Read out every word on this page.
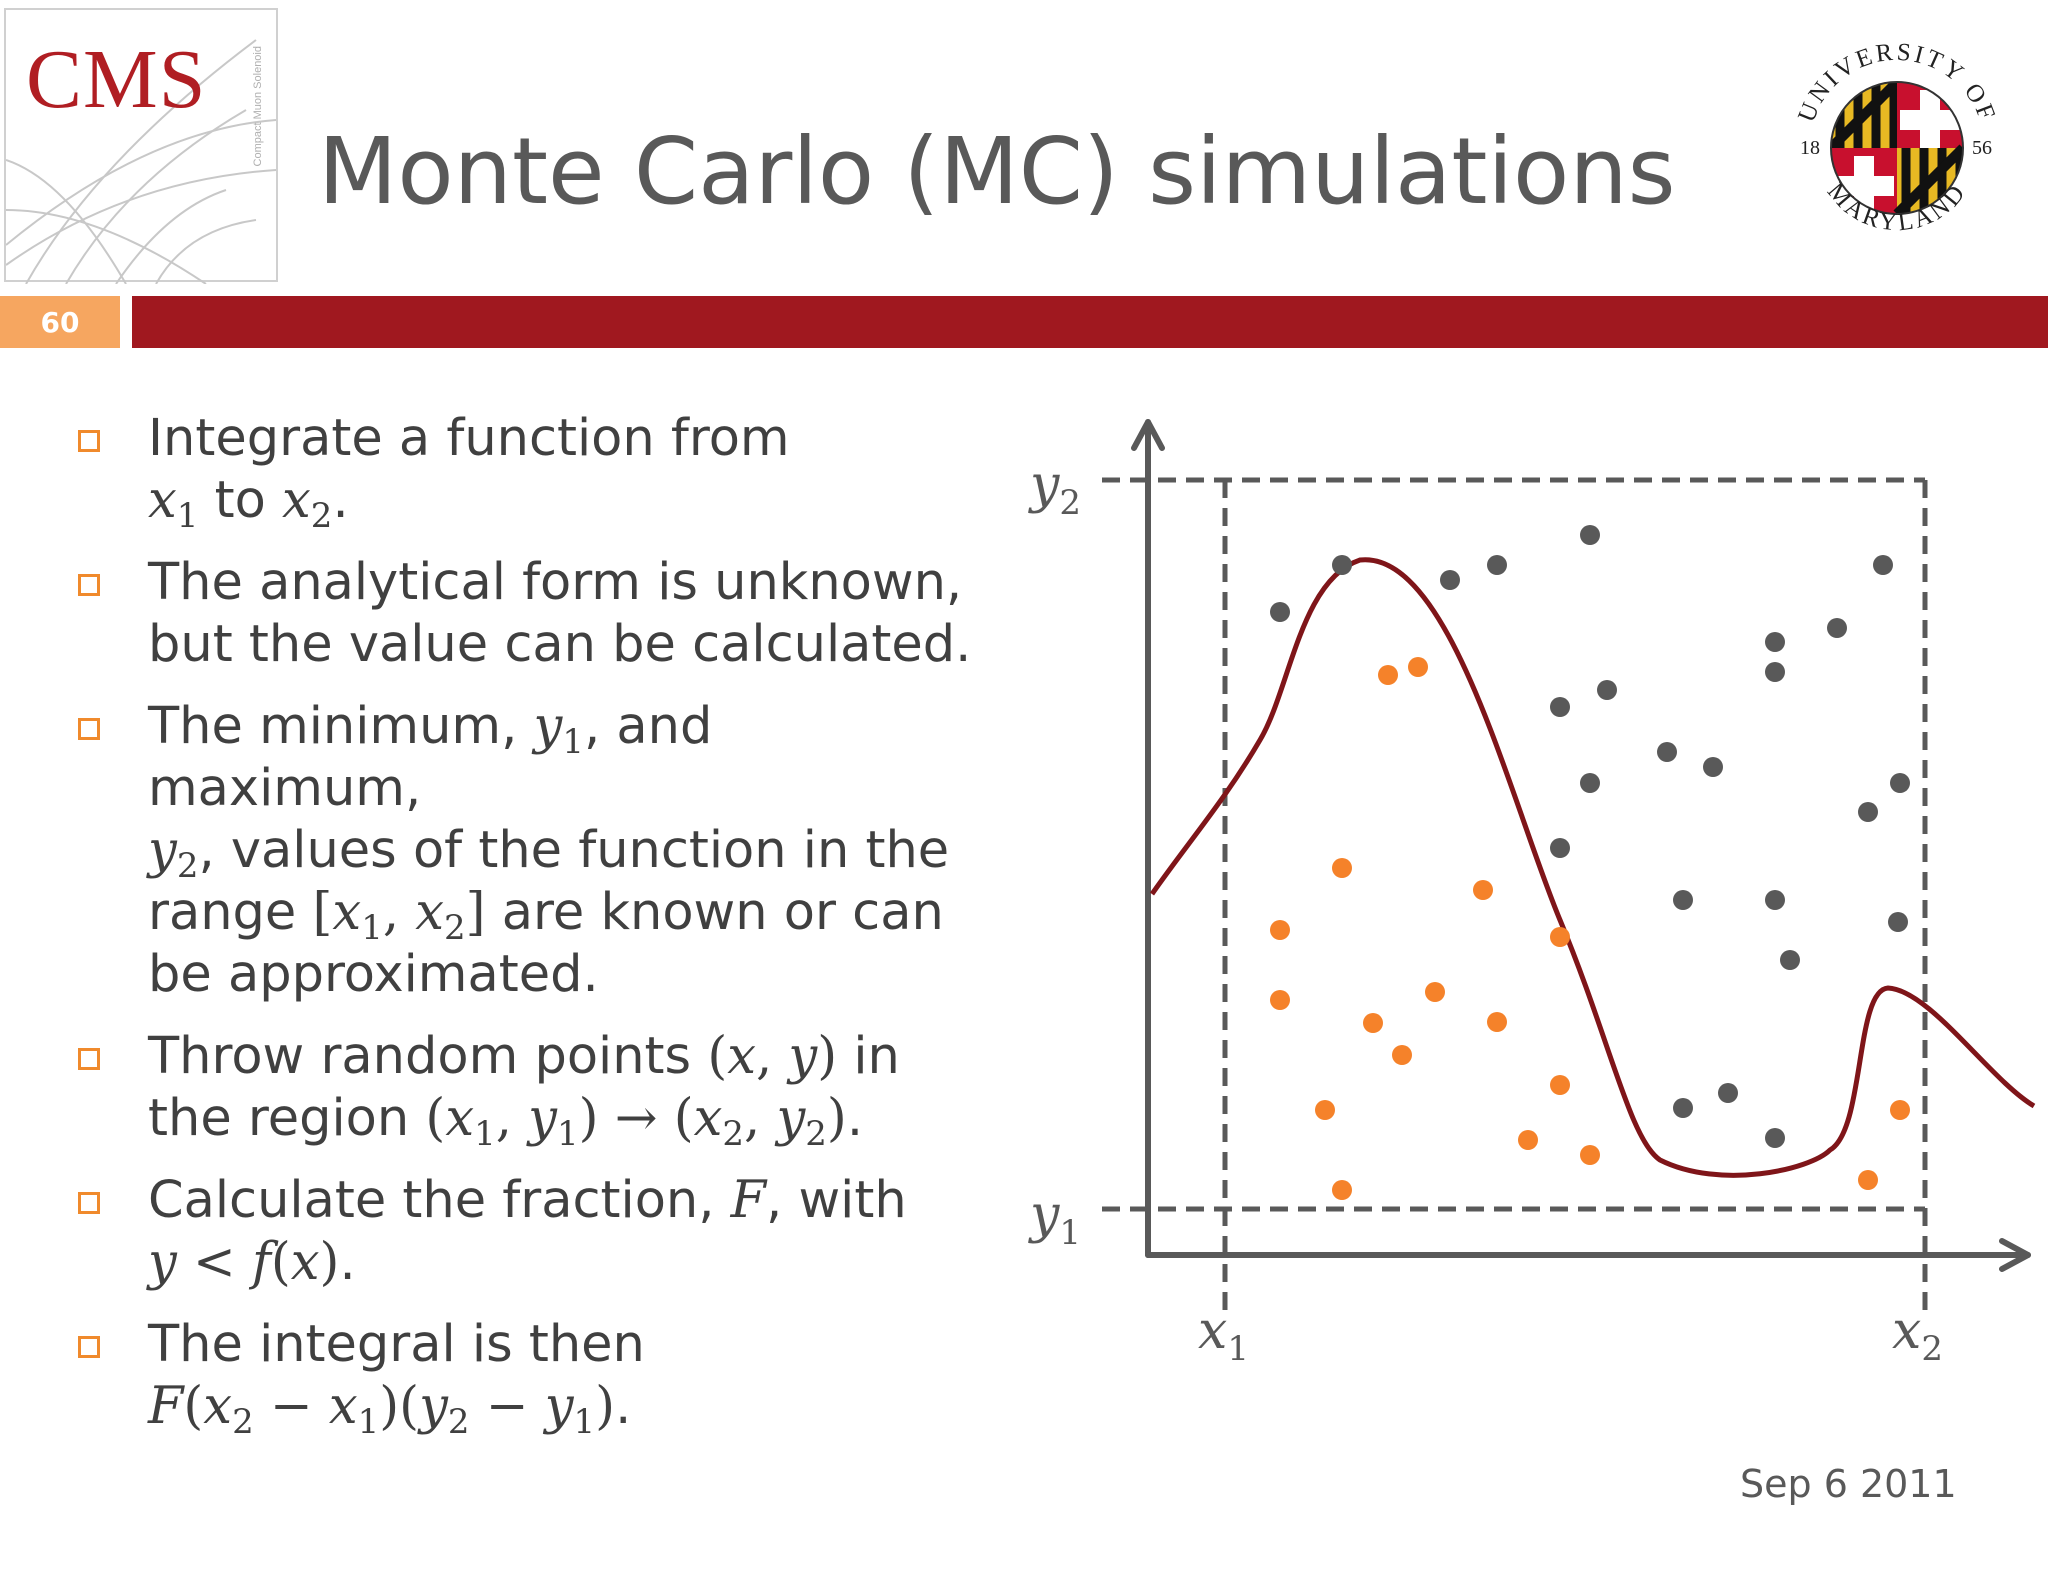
CMS	Compact Muon Solenoid
Monte Carlo (MC) simulations
UNIVERSITY OF
MARYLAND
18	56
60
Integrate a function from
$x_1$ to $x_2$.
The analytical form is unknown,
but the value can be calculated.
The minimum, $y_1$, and maximum,
$y_2$, values of the function in the
range [$x_1$, $x_2$] are known or can
be approximated.
Throw random points (x, y) in
the region ($x_1$, $y_1) \to (x_2$, $y_2$).
Calculate the fraction, F, with
y < f(x).
The integral is then
$F(x_2 - x_1)(y_2 - y_1)$.
$y_2$
$y_1$
$x_1$	$x_2$
Sep 6 2011
